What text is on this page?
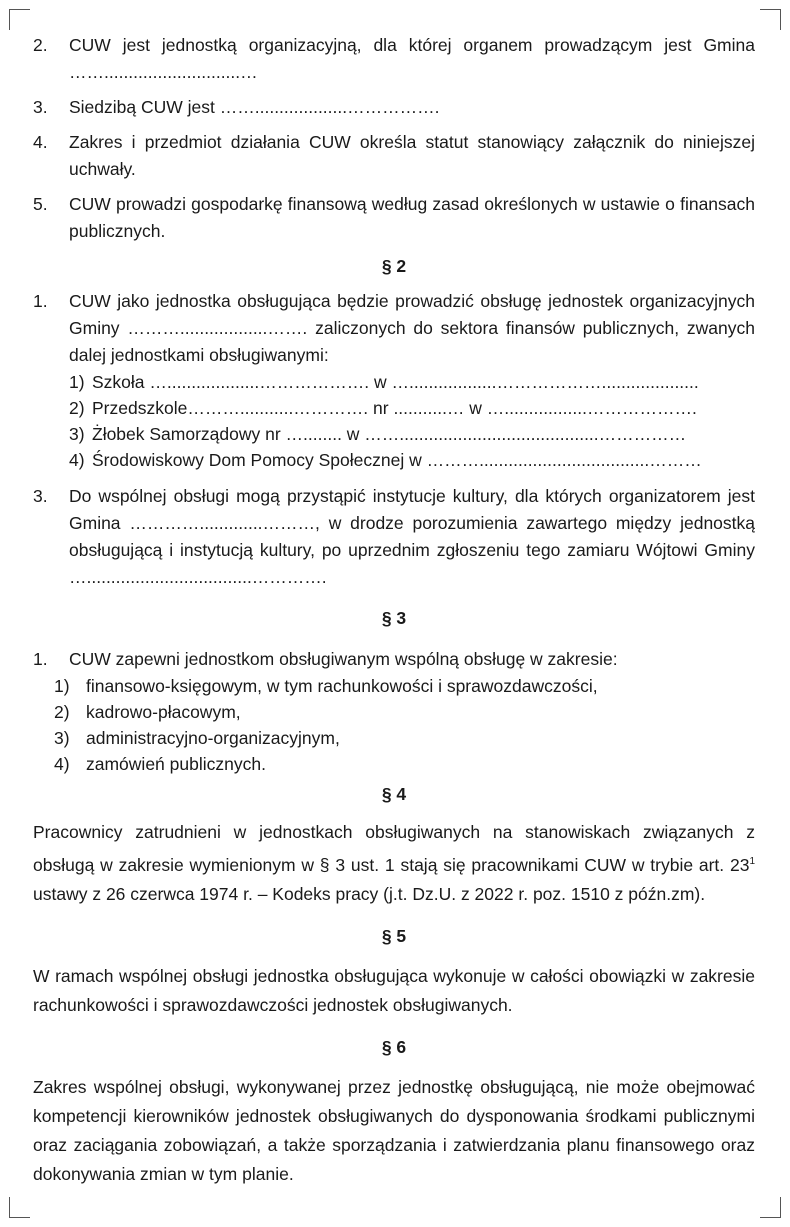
2.	CUW jest jednostką organizacyjną, dla której organem prowadzącym jest Gmina ……............................…
3.	Siedzibą CUW jest ……...................…………….
4.	Zakres i przedmiot działania CUW określa statut stanowiący załącznik do niniejszej uchwały.
5.	CUW prowadzi gospodarkę finansową według zasad określonych w ustawie o finansach publicznych.
§ 2
1.	CUW jako jednostka obsługująca będzie prowadzić obsługę jednostek organizacyjnych Gminy ………..................……. zaliczonych do sektora finansów publicznych, zwanych dalej jednostkami obsługiwanymi:
1) Szkoła …...................………………. w …..................………………....................
2) Przedszkole………...........…………. nr ...........… w ….................……………….
3) Żłobek Samorządowy nr …........ w …….........................................……………
4) Środowiskowy Dom Pomocy Społecznej w ………...................................………
3.	Do wspólnej obsługi mogą przystąpić instytucje kultury, dla których organizatorem jest Gmina ………….............………, w drodze porozumienia zawartego między jednostką obsługującą i instytucją kultury, po uprzednim zgłoszeniu tego zamiaru Wójtowi Gminy …..................................………….
§ 3
1.	CUW zapewni jednostkom obsługiwanym wspólną obsługę w zakresie:
1) finansowo-księgowym, w tym rachunkowości i sprawozdawczości,
2) kadrowo-płacowym,
3) administracyjno-organizacyjnym,
4) zamówień publicznych.
§ 4
Pracownicy zatrudnieni w jednostkach obsługiwanych na stanowiskach związanych z obsługą w zakresie wymienionym w § 3 ust. 1 stają się pracownikami CUW w trybie art. $23^1$ ustawy z 26 czerwca 1974 r. – Kodeks pracy (j.t. Dz.U. z 2022 r. poz. 1510 z późn.zm).
§ 5
W ramach wspólnej obsługi jednostka obsługująca wykonuje w całości obowiązki w zakresie rachunkowości i sprawozdawczości jednostek obsługiwanych.
§ 6
Zakres wspólnej obsługi, wykonywanej przez jednostkę obsługującą, nie może obejmować kompetencji kierowników jednostek obsługiwanych do dysponowania środkami publicznymi oraz zaciągania zobowiązań, a także sporządzania i zatwierdzania planu finansowego oraz dokonywania zmian w tym planie.
